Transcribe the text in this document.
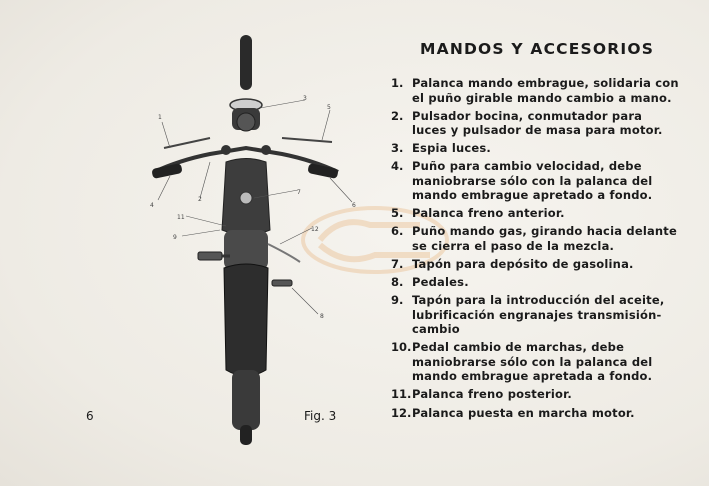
1
2
3
4
5
6
7
8
9
11
12
MANDOS Y ACCESORIOS
1. Palanca mando embrague, solidaria con el puño girable mando cambio a mano.
2. Pulsador bocina, conmutador para luces y pulsador de masa para motor.
3. Espia luces.
4. Puño para cambio velocidad, debe maniobrarse sólo con la palanca del mando embrague apretado a fondo.
5. Palanca freno anterior.
6. Puño mando gas, girando hacia delante se cierra el paso de la mezcla.
7. Tapón para depósito de gasolina.
8. Pedales.
9. Tapón para la introducción del aceite, lubrificación engranajes transmisión-cambio
10. Pedal cambio de marchas, debe maniobrarse sólo con la palanca del mando embrague apretada a fondo.
11. Palanca freno posterior.
12. Palanca puesta en marcha motor.
6	Fig. 3
